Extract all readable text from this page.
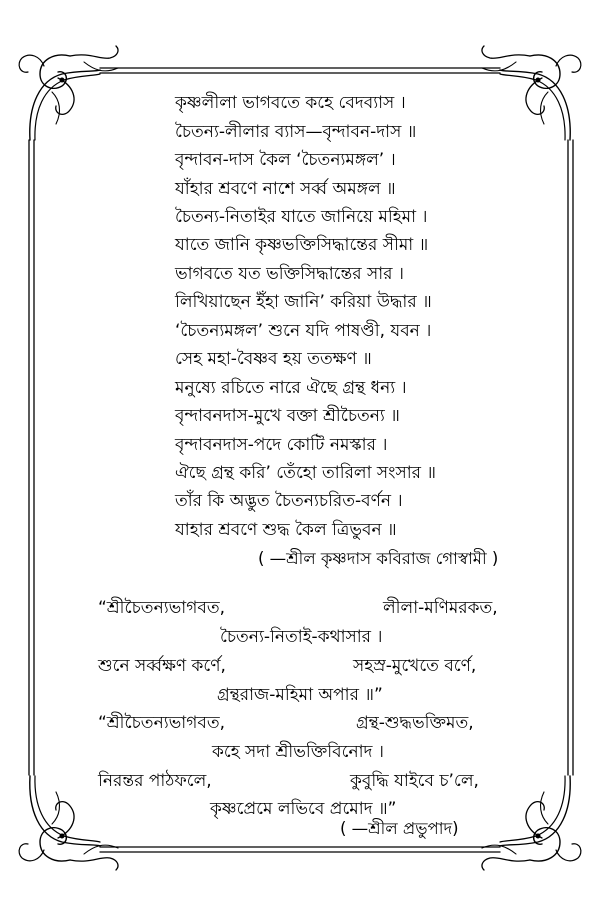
কৃষ্ণলীলা ভাগবতে কহে বেদব্যাস ।
চৈতন্য-লীলার ব্যাস—বৃন্দাবন-দাস ॥
বৃন্দাবন-দাস কৈল ‘চৈতন্যমঙ্গল’ ।
যাঁহার শ্রবণে নাশে সর্ব্ব অমঙ্গল ॥
চৈতন্য-নিতাইর যাতে জানিয়ে মহিমা ।
যাতে জানি কৃষ্ণভক্তিসিদ্ধান্তের সীমা ॥
ভাগবতে যত ভক্তিসিদ্ধান্তের সার ।
লিখিয়াছেন ইঁহা জানি’ করিয়া উদ্ধার ॥
‘চৈতন্যমঙ্গল’ শুনে যদি পাষণ্ডী, যবন ।
সেহ মহা-বৈষ্ণব হয় ততক্ষণ ॥
মনুষ্যে রচিতে নারে ঐছে গ্রন্থ ধন্য ।
বৃন্দাবনদাস-মুখে বক্তা শ্রীচৈতন্য ॥
বৃন্দাবনদাস-পদে কোটি নমস্কার ।
ঐছে গ্রন্থ করি’ তেঁহো তারিলা সংসার ॥
তাঁর কি অদ্ভুত চৈতন্যচরিত-বর্ণন ।
যাহার শ্রবণে শুদ্ধ কৈল ত্রিভুবন ॥
( —শ্রীল কৃষ্ণদাস কবিরাজ গোস্বামী )
“শ্রীচৈতন্যভাগবত,	লীলা-মণিমরকত,
চৈতন্য-নিতাই-কথাসার ।
শুনে সর্ব্বক্ষণ কর্ণে,	সহস্র-মুখেতে বর্ণে,
গ্রন্থরাজ-মহিমা অপার ॥”
“শ্রীচৈতন্যভাগবত,	গ্রন্থ-শুদ্ধভক্তিমত,
কহে সদা শ্রীভক্তিবিনোদ ।
নিরন্তর পাঠফলে,	কুবুদ্ধি যাইবে চ’লে,
কৃষ্ণপ্রেমে লভিবে প্রমোদ ॥”
( —শ্রীল প্রভুপাদ)
